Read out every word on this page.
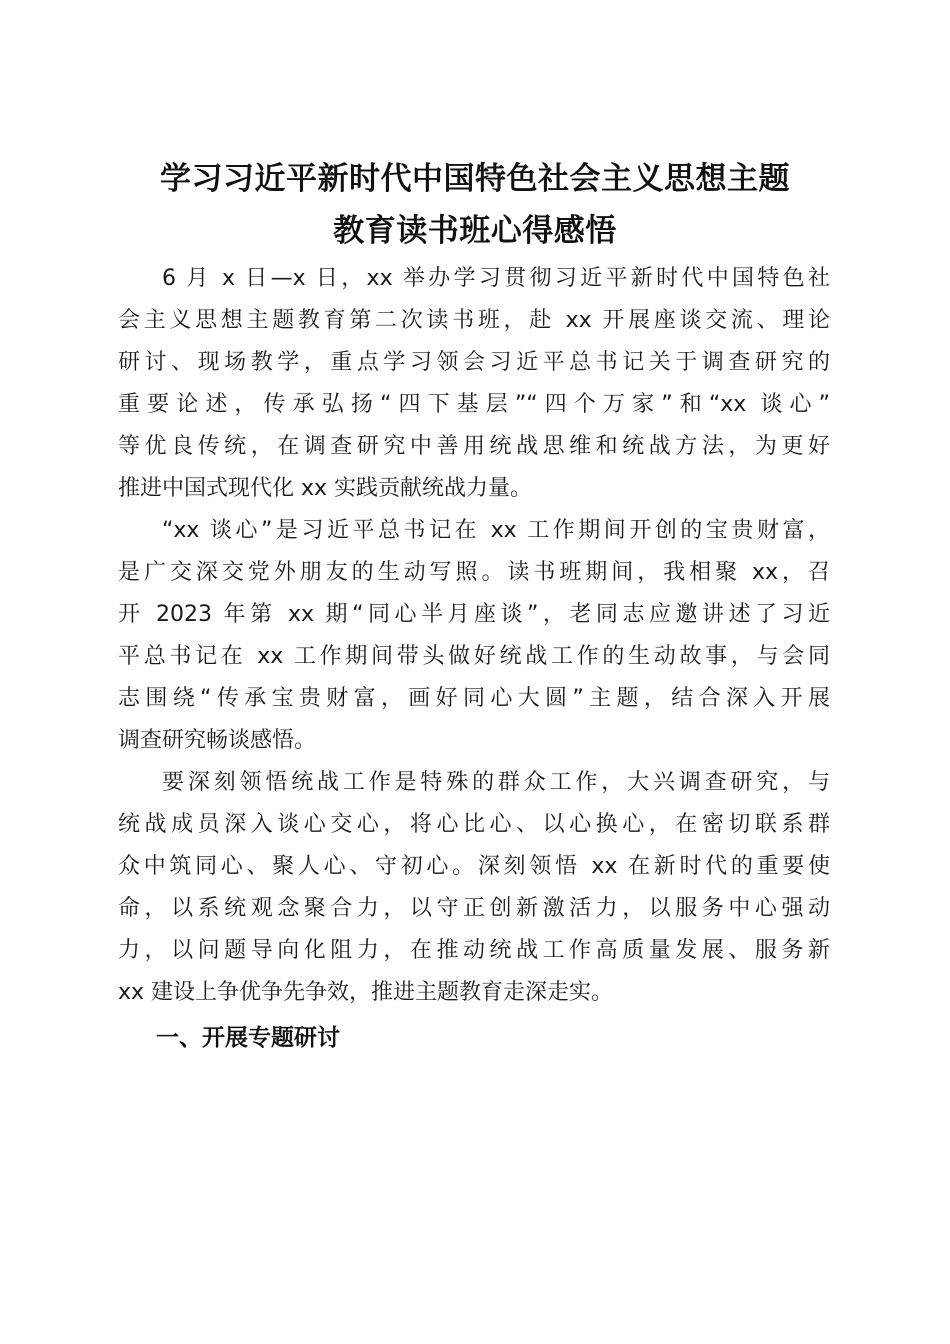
学习习近平新时代中国特色社会主义思想主题
教育读书班心得感悟
6 月 x 日—x 日，xx 举办学习贯彻习近平新时代中国特色社
会主义思想主题教育第二次读书班，赴 xx 开展座谈交流、理论
研讨、现场教学，重点学习领会习近平总书记关于调查研究的
重要论述，传承弘扬“四下基层”“四个万家”和“xx 谈心”
等优良传统，在调查研究中善用统战思维和统战方法，为更好
推进中国式现代化 xx 实践贡献统战力量。
“xx 谈心”是习近平总书记在 xx 工作期间开创的宝贵财富，
是广交深交党外朋友的生动写照。读书班期间，我相聚 xx，召
开 2023 年第 xx 期“同心半月座谈”，老同志应邀讲述了习近
平总书记在 xx 工作期间带头做好统战工作的生动故事，与会同
志围绕“传承宝贵财富，画好同心大圆”主题，结合深入开展
调查研究畅谈感悟。
要深刻领悟统战工作是特殊的群众工作，大兴调查研究，与
统战成员深入谈心交心，将心比心、以心换心，在密切联系群
众中筑同心、聚人心、守初心。深刻领悟 xx 在新时代的重要使
命，以系统观念聚合力，以守正创新激活力，以服务中心强动
力，以问题导向化阻力，在推动统战工作高质量发展、服务新
xx 建设上争优争先争效，推进主题教育走深走实。
一、开展专题研讨
